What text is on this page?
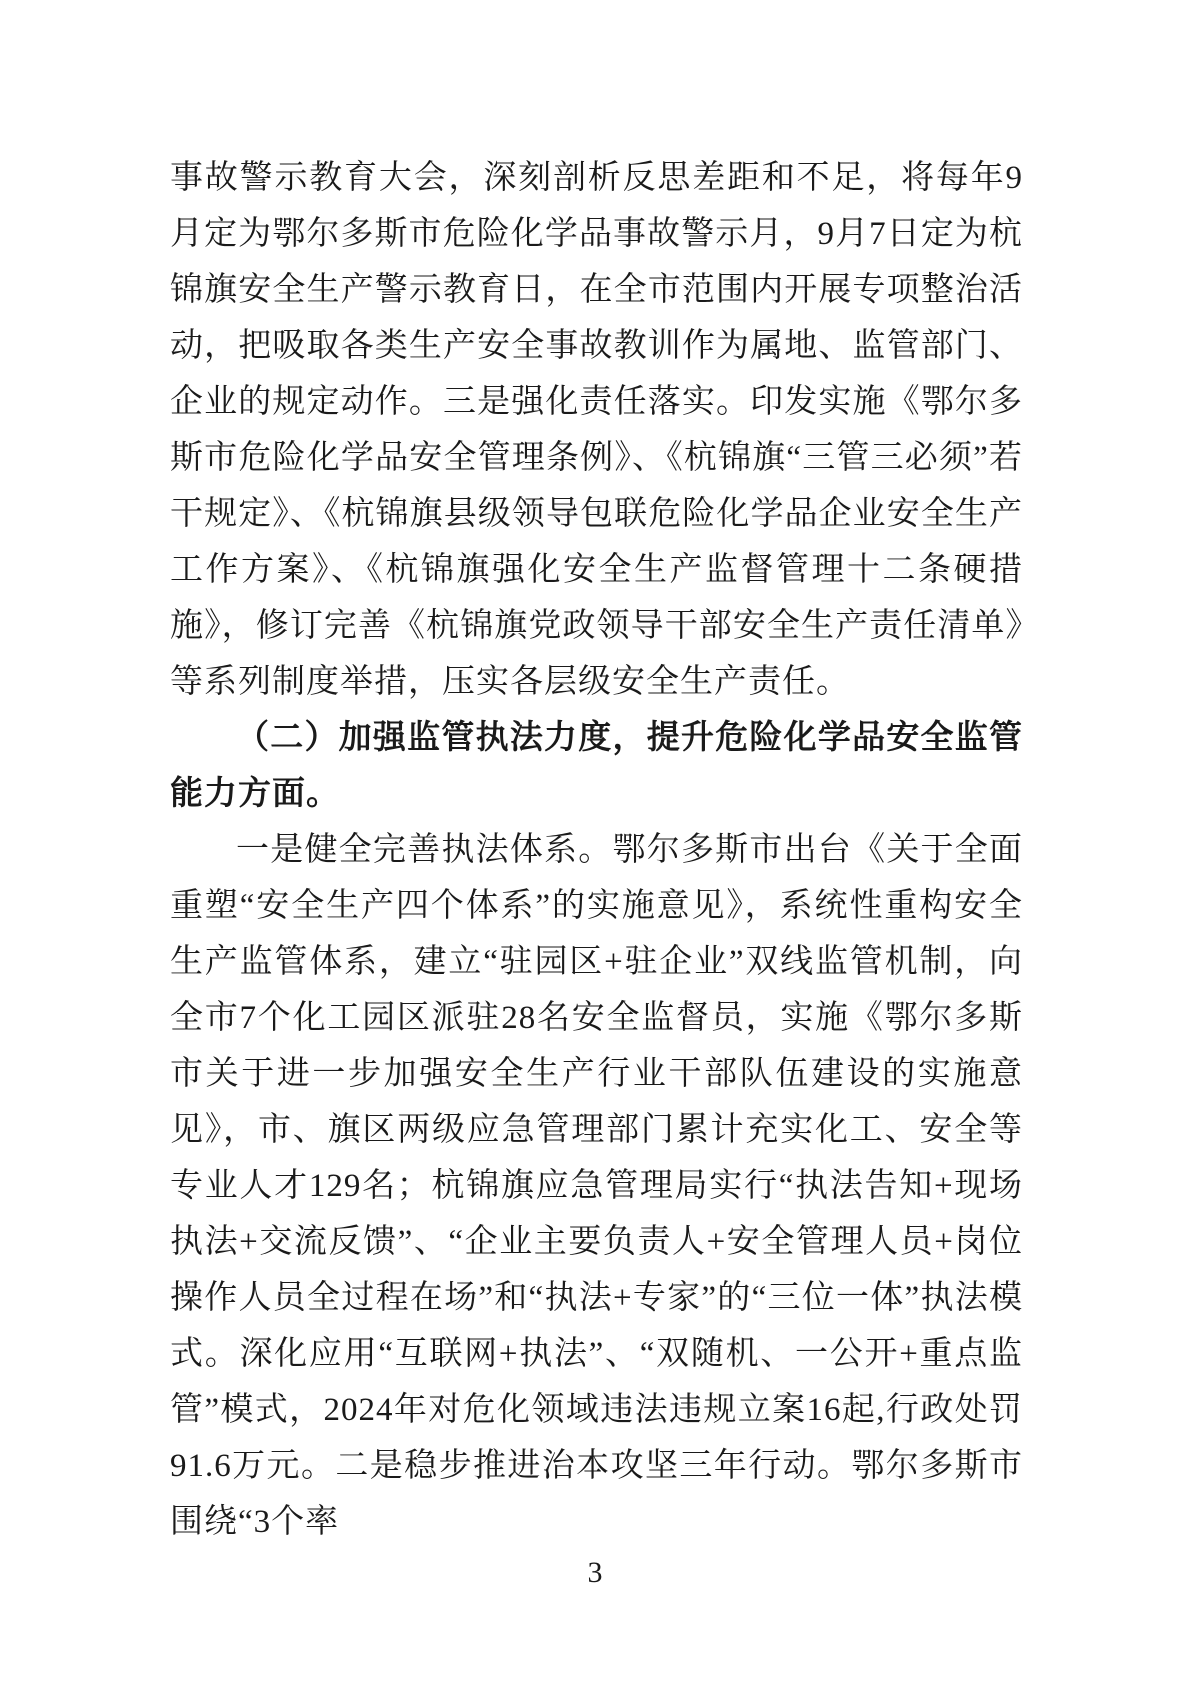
事故警示教育大会，深刻剖析反思差距和不足，将每年9月定为鄂尔多斯市危险化学品事故警示月，9月7日定为杭锦旗安全生产警示教育日，在全市范围内开展专项整治活动，把吸取各类生产安全事故教训作为属地、监管部门、企业的规定动作。三是强化责任落实。印发实施《鄂尔多斯市危险化学品安全管理条例》、《杭锦旗“三管三必须”若干规定》、《杭锦旗县级领导包联危险化学品企业安全生产工作方案》、《杭锦旗强化安全生产监督管理十二条硬措施》，修订完善《杭锦旗党政领导干部安全生产责任清单》等系列制度举措，压实各层级安全生产责任。

（二）加强监管执法力度，提升危险化学品安全监管能力方面。

一是健全完善执法体系。鄂尔多斯市出台《关于全面重塑“安全生产四个体系”的实施意见》，系统性重构安全生产监管体系，建立“驻园区+驻企业”双线监管机制，向全市7个化工园区派驻28名安全监督员，实施《鄂尔多斯市关于进一步加强安全生产行业干部队伍建设的实施意见》，市、旗区两级应急管理部门累计充实化工、安全等专业人才129名；杭锦旗应急管理局实行“执法告知+现场执法+交流反馈”、“企业主要负责人+安全管理人员+岗位操作人员全过程在场”和“执法+专家”的“三位一体”执法模式。深化应用“互联网+执法”、“双随机、一公开+重点监管”模式，2024年对危化领域违法违规立案16起,行政处罚91.6万元。二是稳步推进治本攻坚三年行动。鄂尔多斯市围绕“3个率

3
